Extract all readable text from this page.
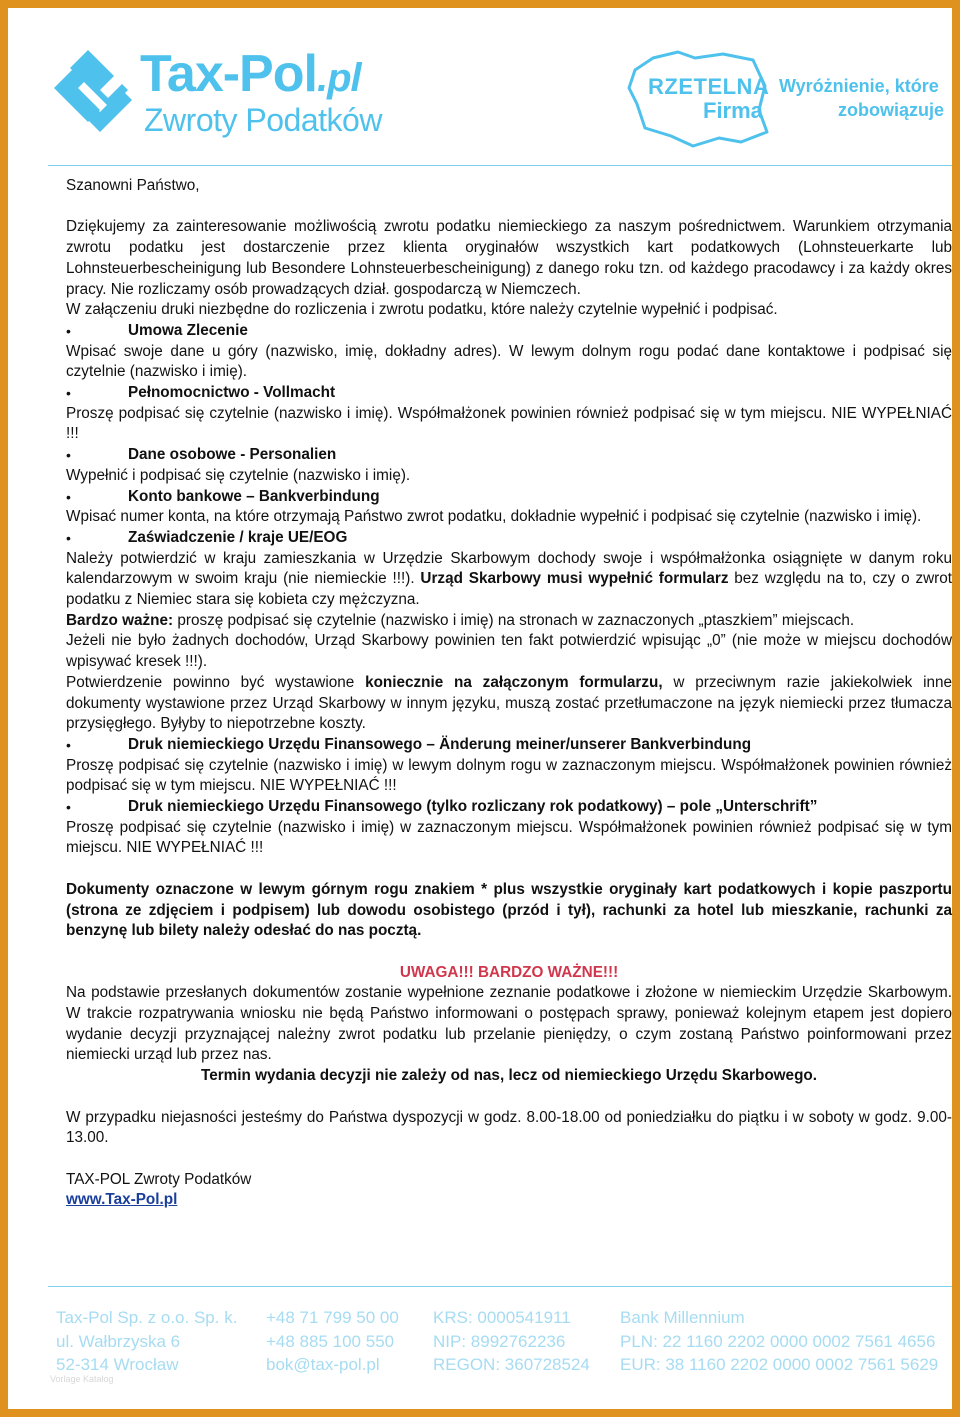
Tax-Pol.pl
Zwroty Podatków
RZETELNA
Firma
Wyróżnienie, które
zobowiązuje

Szanowni Państwo,

Dziękujemy za zainteresowanie możliwością zwrotu podatku niemieckiego za naszym pośrednictwem. Warunkiem otrzymania zwrotu podatku jest dostarczenie przez klienta oryginałów wszystkich kart podatkowych (Lohnsteuerkarte lub Lohnsteuerbescheinigung lub Besondere Lohnsteuerbescheinigung) z danego roku tzn. od każdego pracodawcy i za każdy okres pracy. Nie rozliczamy osób prowadzących dział. gospodarczą w Niemczech.

W załączeniu druki niezbędne do rozliczenia i zwrotu podatku, które należy czytelnie wypełnić i podpisać.

• Umowa Zlecenie

Wpisać swoje dane u góry (nazwisko, imię, dokładny adres). W lewym dolnym rogu podać dane kontaktowe i podpisać się czytelnie (nazwisko i imię).

• Pełnomocnictwo - Vollmacht

Proszę podpisać się czytelnie (nazwisko i imię). Współmałżonek powinien również podpisać się w tym miejscu. NIE WYPEŁNIAĆ !!!

• Dane osobowe - Personalien

Wypełnić i podpisać się czytelnie (nazwisko i imię).

• Konto bankowe – Bankverbindung

Wpisać numer konta, na które otrzymają Państwo zwrot podatku, dokładnie wypełnić i podpisać się czytelnie (nazwisko i imię).

• Zaświadczenie / kraje UE/EOG

Należy potwierdzić w kraju zamieszkania w Urzędzie Skarbowym dochody swoje i współmałżonka osiągnięte w danym roku kalendarzowym w swoim kraju (nie niemieckie !!!). Urząd Skarbowy musi wypełnić formularz bez względu na to, czy o zwrot podatku z Niemiec stara się kobieta czy mężczyzna.

Bardzo ważne: proszę podpisać się czytelnie (nazwisko i imię) na stronach w zaznaczonych „ptaszkiem” miejscach.

Jeżeli nie było żadnych dochodów, Urząd Skarbowy powinien ten fakt potwierdzić wpisując „0” (nie może w miejscu dochodów wpisywać kresek !!!).

Potwierdzenie powinno być wystawione koniecznie na załączonym formularzu, w przeciwnym razie jakiekolwiek inne dokumenty wystawione przez Urząd Skarbowy w innym języku, muszą zostać przetłumaczone na język niemiecki przez tłumacza przysięgłego. Byłyby to niepotrzebne koszty.

• Druk niemieckiego Urzędu Finansowego – Änderung meiner/unserer Bankverbindung

Proszę podpisać się czytelnie (nazwisko i imię) w lewym dolnym rogu w zaznaczonym miejscu. Współmałżonek powinien również podpisać się w tym miejscu. NIE WYPEŁNIAĆ !!!

• Druk niemieckiego Urzędu Finansowego (tylko rozliczany rok podatkowy) – pole „Unterschrift”

Proszę podpisać się czytelnie (nazwisko i imię) w zaznaczonym miejscu. Współmałżonek powinien również podpisać się w tym miejscu. NIE WYPEŁNIAĆ !!!

Dokumenty oznaczone w lewym górnym rogu znakiem * plus wszystkie oryginały kart podatkowych i kopie paszportu (strona ze zdjęciem i podpisem) lub dowodu osobistego (przód i tył), rachunki za hotel lub mieszkanie, rachunki za benzynę lub bilety należy odesłać do nas pocztą.

UWAGA!!! BARDZO WAŻNE!!!

Na podstawie przesłanych dokumentów zostanie wypełnione zeznanie podatkowe i złożone w niemieckim Urzędzie Skarbowym. W trakcie rozpatrywania wniosku nie będą Państwo informowani o postępach sprawy, ponieważ kolejnym etapem jest dopiero wydanie decyzji przyznającej należny zwrot podatku lub przelanie pieniędzy, o czym zostaną Państwo poinformowani przez niemiecki urząd lub przez nas.

Termin wydania decyzji nie zależy od nas, lecz od niemieckiego Urzędu Skarbowego.

W przypadku niejasności jesteśmy do Państwa dyspozycji w godz. 8.00-18.00 od poniedziałku do piątku i w soboty w godz. 9.00-13.00.

TAX-POL Zwroty Podatków

www.Tax-Pol.pl

Tax-Pol Sp. z o.o. Sp. k.
ul. Wałbrzyska 6
52-314 Wrocław
+48 71 799 50 00
+48 885 100 550
bok@tax-pol.pl
KRS: 0000541911
NIP: 8992762236
REGON: 360728524
Bank Millennium
PLN: 22 1160 2202 0000 0002 7561 4656
EUR: 38 1160 2202 0000 0002 7561 5629
Vorlage Katalog
